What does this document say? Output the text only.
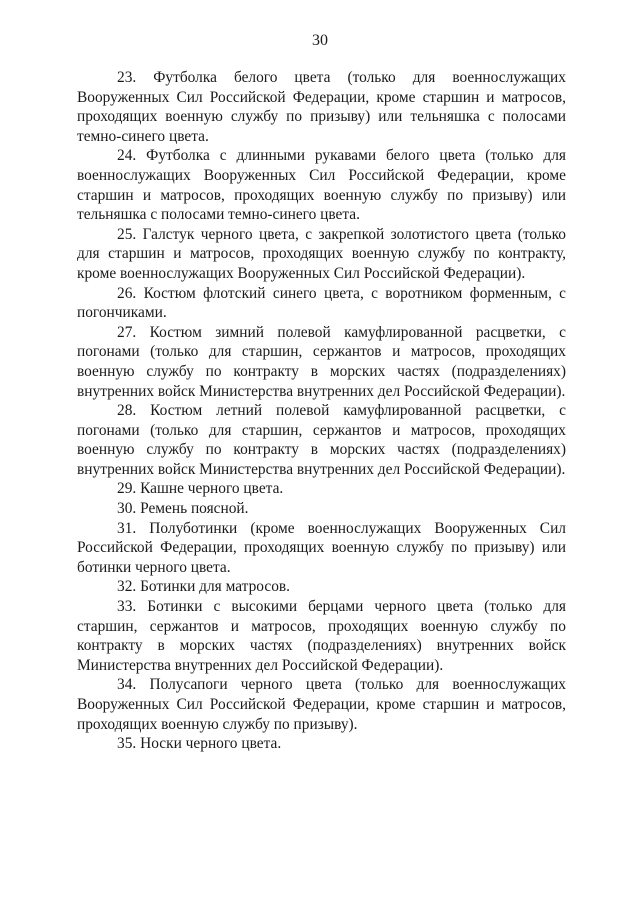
30

23. Футболка белого цвета (только для военнослужащих Вооруженных Сил Российской Федерации, кроме старшин и матросов, проходящих военную службу по призыву) или тельняшка с полосами темно-синего цвета.

24. Футболка с длинными рукавами белого цвета (только для военнослужащих Вооруженных Сил Российской Федерации, кроме старшин и матросов, проходящих военную службу по призыву) или тельняшка с полосами темно-синего цвета.

25. Галстук черного цвета, с закрепкой золотистого цвета (только для старшин и матросов, проходящих военную службу по контракту, кроме военнослужащих Вооруженных Сил Российской Федерации).

26. Костюм флотский синего цвета, с воротником форменным, с погончиками.

27. Костюм зимний полевой камуфлированной расцветки, с погонами (только для старшин, сержантов и матросов, проходящих военную службу по контракту в морских частях (подразделениях) внутренних войск Министерства внутренних дел Российской Федерации).

28. Костюм летний полевой камуфлированной расцветки, с погонами (только для старшин, сержантов и матросов, проходящих военную службу по контракту в морских частях (подразделениях) внутренних войск Министерства внутренних дел Российской Федерации).

29. Кашне черного цвета.

30. Ремень поясной.

31. Полуботинки (кроме военнослужащих Вооруженных Сил Российской Федерации, проходящих военную службу по призыву) или ботинки черного цвета.

32. Ботинки для матросов.

33. Ботинки с высокими берцами черного цвета (только для старшин, сержантов и матросов, проходящих военную службу по контракту в морских частях (подразделениях) внутренних войск Министерства внутренних дел Российской Федерации).

34. Полусапоги черного цвета (только для военнослужащих Вооруженных Сил Российской Федерации, кроме старшин и матросов, проходящих военную службу по призыву).

35. Носки черного цвета.
